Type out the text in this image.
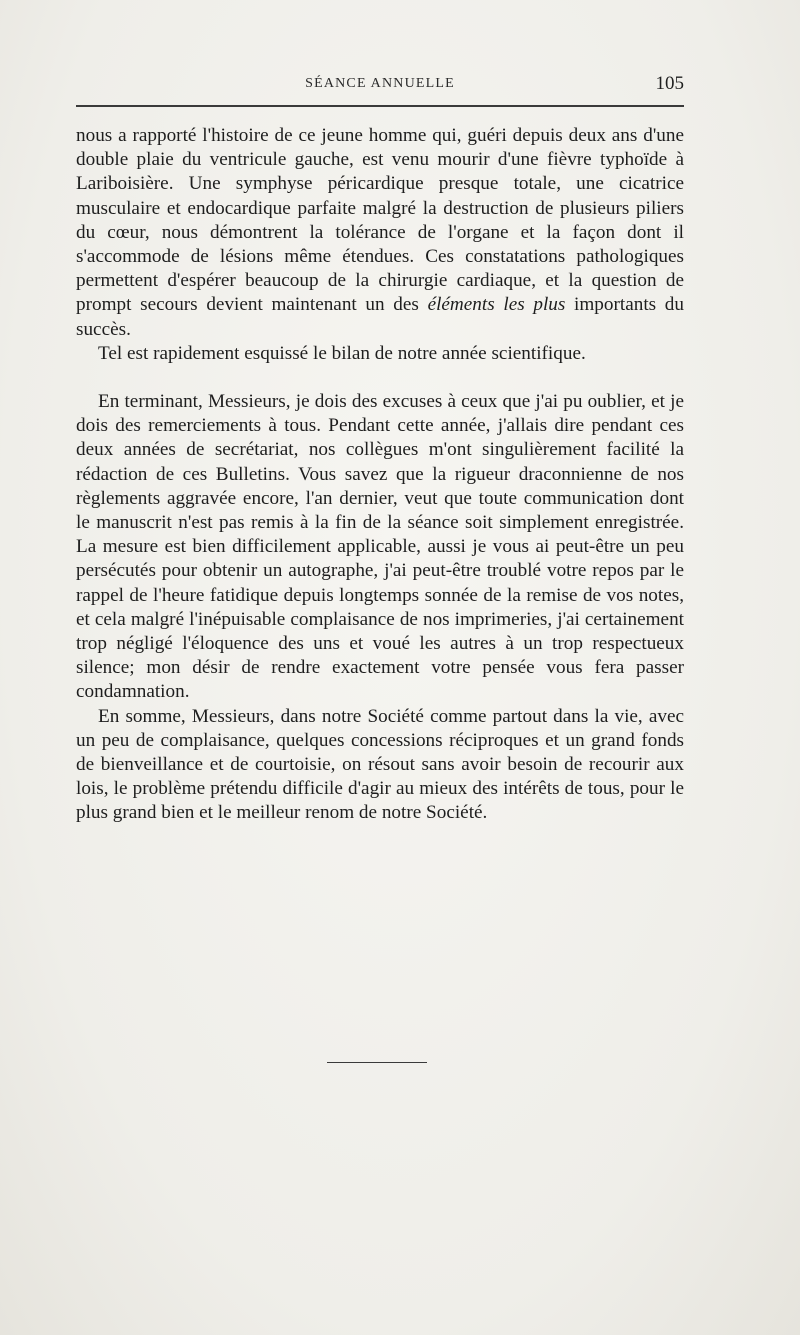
SÉANCE ANNUELLE	105

nous a rapporté l'histoire de ce jeune homme qui, guéri depuis deux ans d'une double plaie du ventricule gauche, est venu mourir d'une fièvre typhoïde à Lariboisière. Une symphyse péricardique presque totale, une cicatrice musculaire et endocardique parfaite malgré la destruction de plusieurs piliers du cœur, nous démontrent la tolérance de l'organe et la façon dont il s'accommode de lésions même étendues. Ces constatations pathologiques permettent d'espérer beaucoup de la chirurgie cardiaque, et la question de prompt secours devient maintenant un des éléments les plus importants du succès.

Tel est rapidement esquissé le bilan de notre année scientifique.

En terminant, Messieurs, je dois des excuses à ceux que j'ai pu oublier, et je dois des remerciements à tous. Pendant cette année, j'allais dire pendant ces deux années de secrétariat, nos collègues m'ont singulièrement facilité la rédaction de ces Bulletins. Vous savez que la rigueur draconnienne de nos règlements aggravée encore, l'an dernier, veut que toute communication dont le manuscrit n'est pas remis à la fin de la séance soit simplement enregistrée. La mesure est bien difficilement applicable, aussi je vous ai peut-être un peu persécutés pour obtenir un autographe, j'ai peut-être troublé votre repos par le rappel de l'heure fatidique depuis longtemps sonnée de la remise de vos notes, et cela malgré l'inépuisable complaisance de nos imprimeries, j'ai certainement trop négligé l'éloquence des uns et voué les autres à un trop respectueux silence; mon désir de rendre exactement votre pensée vous fera passer condamnation.

En somme, Messieurs, dans notre Société comme partout dans la vie, avec un peu de complaisance, quelques concessions réciproques et un grand fonds de bienveillance et de courtoisie, on résout sans avoir besoin de recourir aux lois, le problème prétendu difficile d'agir au mieux des intérêts de tous, pour le plus grand bien et le meilleur renom de notre Société.
